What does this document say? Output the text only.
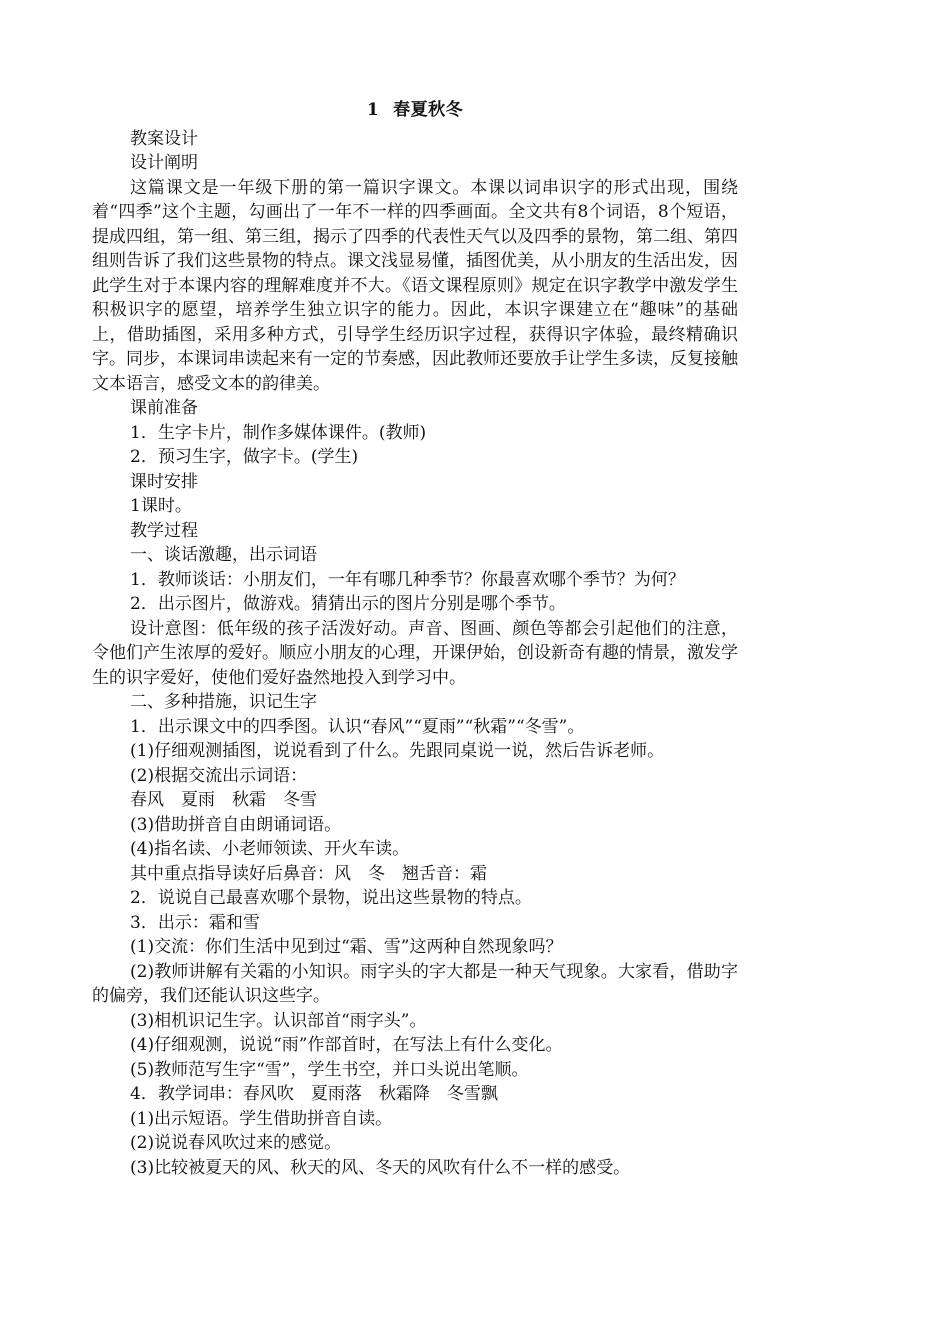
1 春夏秋冬

教案设计

设计阐明

这篇课文是一年级下册的第一篇识字课文。本课以词串识字的形式出现，围绕着“四季”这个主题，勾画出了一年不一样的四季画面。全文共有8个词语，8个短语，提成四组，第一组、第三组，揭示了四季的代表性天气以及四季的景物，第二组、第四组则告诉了我们这些景物的特点。课文浅显易懂，插图优美，从小朋友的生活出发，因此学生对于本课内容的理解难度并不大。《语文课程原则》规定在识字教学中激发学生积极识字的愿望，培养学生独立识字的能力。因此，本识字课建立在“趣味”的基础上，借助插图，采用多种方式，引导学生经历识字过程，获得识字体验，最终精确识字。同步，本课词串读起来有一定的节奏感，因此教师还要放手让学生多读，反复接触文本语言，感受文本的韵律美。

课前准备

1．生字卡片，制作多媒体课件。(教师)

2．预习生字，做字卡。(学生)

课时安排

1课时。

教学过程

一、谈话激趣，出示词语

1．教师谈话：小朋友们，一年有哪几种季节？你最喜欢哪个季节？为何？

2．出示图片，做游戏。猜猜出示的图片分别是哪个季节。

设计意图：低年级的孩子活泼好动。声音、图画、颜色等都会引起他们的注意，令他们产生浓厚的爱好。顺应小朋友的心理，开课伊始，创设新奇有趣的情景，激发学生的识字爱好，使他们爱好盎然地投入到学习中。

二、多种措施，识记生字

1．出示课文中的四季图。认识“春风”“夏雨”“秋霜”“冬雪”。

(1)仔细观测插图，说说看到了什么。先跟同桌说一说，然后告诉老师。

(2)根据交流出示词语：

春风　夏雨　秋霜　冬雪

(3)借助拼音自由朗诵词语。

(4)指名读、小老师领读、开火车读。

其中重点指导读好后鼻音：风　冬　翘舌音：霜

2．说说自己最喜欢哪个景物，说出这些景物的特点。

3．出示：霜和雪

(1)交流：你们生活中见到过“霜、雪”这两种自然现象吗？

(2)教师讲解有关霜的小知识。雨字头的字大都是一种天气现象。大家看，借助字的偏旁，我们还能认识这些字。

(3)相机识记生字。认识部首“雨字头”。

(4)仔细观测，说说“雨”作部首时，在写法上有什么变化。

(5)教师范写生字“雪”，学生书空，并口头说出笔顺。

4．教学词串：春风吹　夏雨落　秋霜降　冬雪飘

(1)出示短语。学生借助拼音自读。

(2)说说春风吹过来的感觉。

(3)比较被夏天的风、秋天的风、冬天的风吹有什么不一样的感受。
